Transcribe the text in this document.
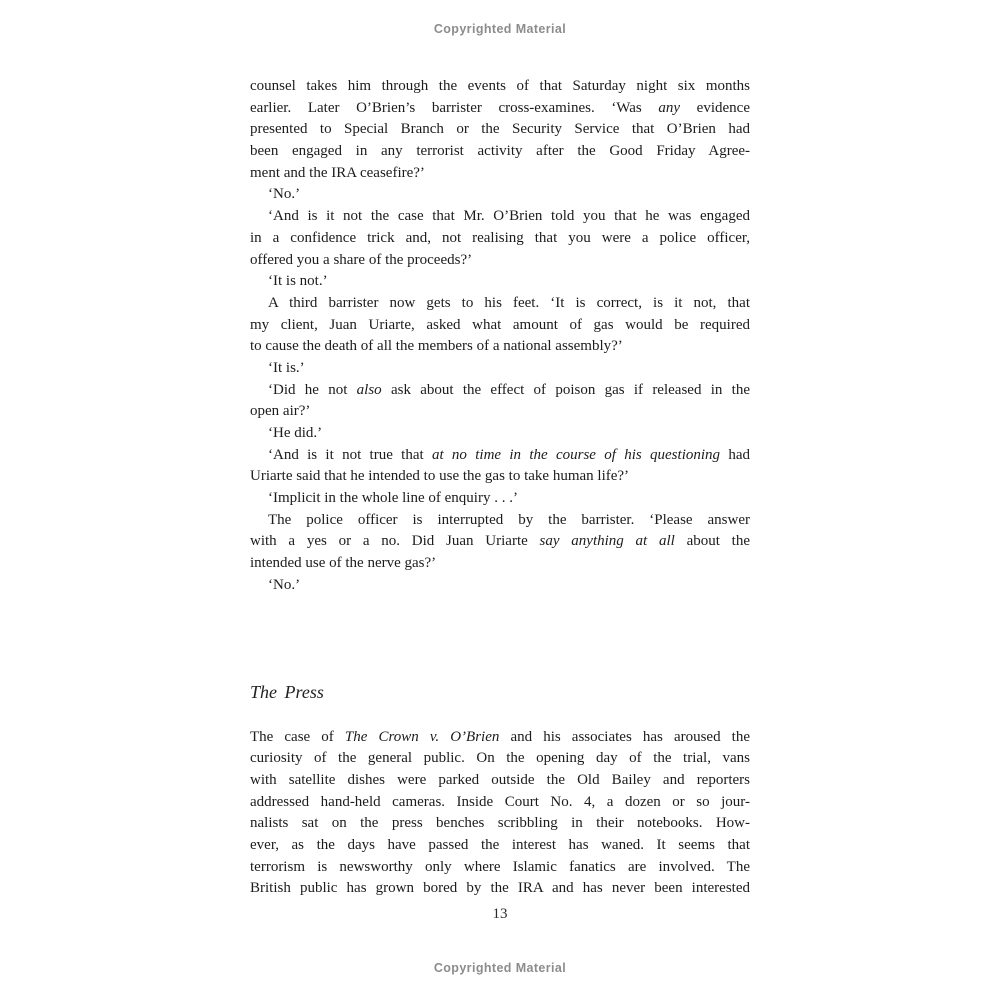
Copyrighted Material
counsel takes him through the events of that Saturday night six months
earlier. Later O’Brien’s barrister cross-examines. ‘Was any evidence
presented to Special Branch or the Security Service that O’Brien had
been engaged in any terrorist activity after the Good Friday Agree-
ment and the IRA ceasefire?’
‘No.’
‘And is it not the case that Mr. O’Brien told you that he was engaged
in a confidence trick and, not realising that you were a police officer,
offered you a share of the proceeds?’
‘It is not.’
A third barrister now gets to his feet. ‘It is correct, is it not, that
my client, Juan Uriarte, asked what amount of gas would be required
to cause the death of all the members of a national assembly?’
‘It is.’
‘Did he not also ask about the effect of poison gas if released in the
open air?’
‘He did.’
‘And is it not true that at no time in the course of his questioning had
Uriarte said that he intended to use the gas to take human life?’
‘Implicit in the whole line of enquiry . . .’
The police officer is interrupted by the barrister. ‘Please answer
with a yes or a no. Did Juan Uriarte say anything at all about the
intended use of the nerve gas?’
‘No.’
The Press
The case of The Crown v. O’Brien and his associates has aroused the
curiosity of the general public. On the opening day of the trial, vans
with satellite dishes were parked outside the Old Bailey and reporters
addressed hand-held cameras. Inside Court No. 4, a dozen or so jour-
nalists sat on the press benches scribbling in their notebooks. How-
ever, as the days have passed the interest has waned. It seems that
terrorism is newsworthy only where Islamic fanatics are involved. The
British public has grown bored by the IRA and has never been interested
13
Copyrighted Material
